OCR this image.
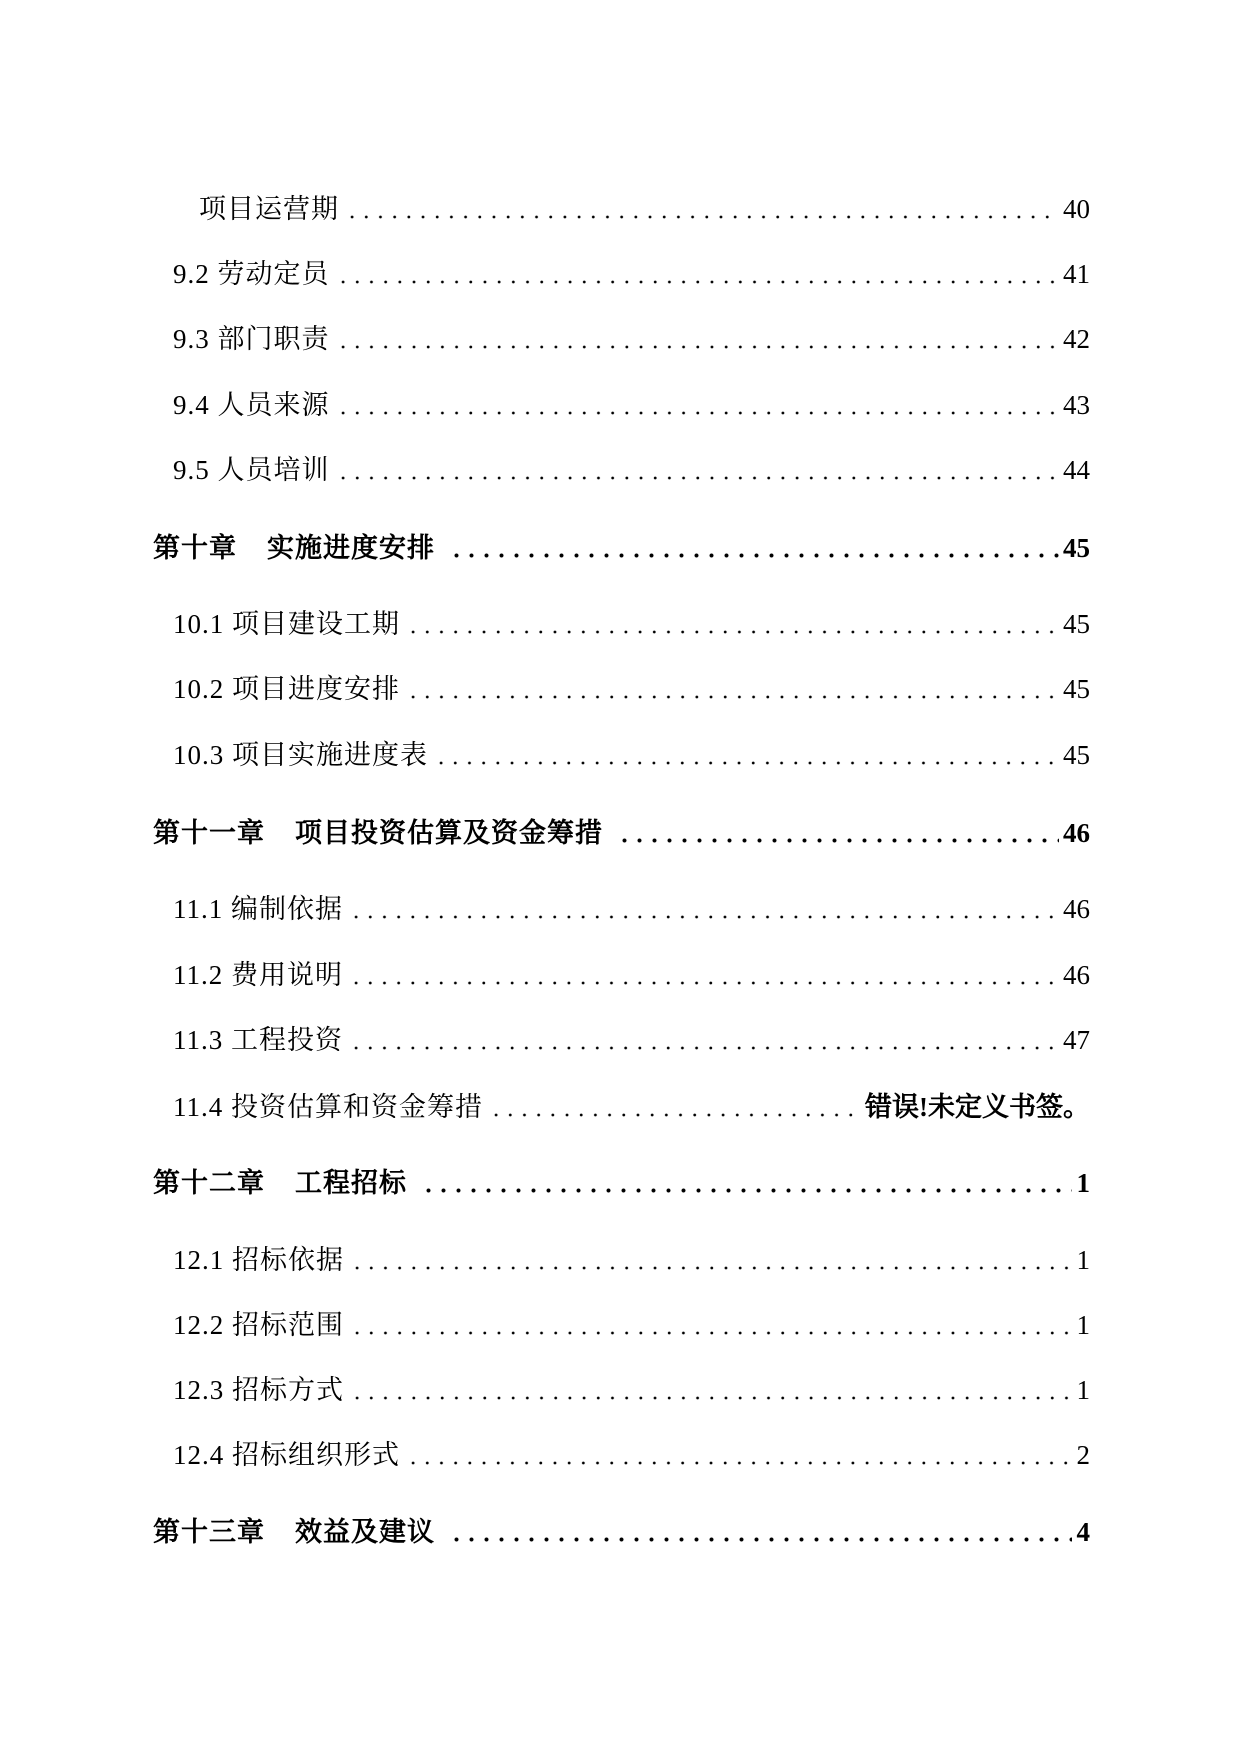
项目运营期	40
9.2 劳动定员	41
9.3 部门职责	42
9.4 人员来源	43
9.5 人员培训	44
第十章 实施进度安排	45
10.1 项目建设工期	45
10.2 项目进度安排	45
10.3 项目实施进度表	45
第十一章 项目投资估算及资金筹措	46
11.1 编制依据	46
11.2 费用说明	46
11.3 工程投资	47
11.4 投资估算和资金筹措	错误!未定义书签。
第十二章 工程招标	1
12.1 招标依据	1
12.2 招标范围	1
12.3 招标方式	1
12.4 招标组织形式	2
第十三章 效益及建议	4
